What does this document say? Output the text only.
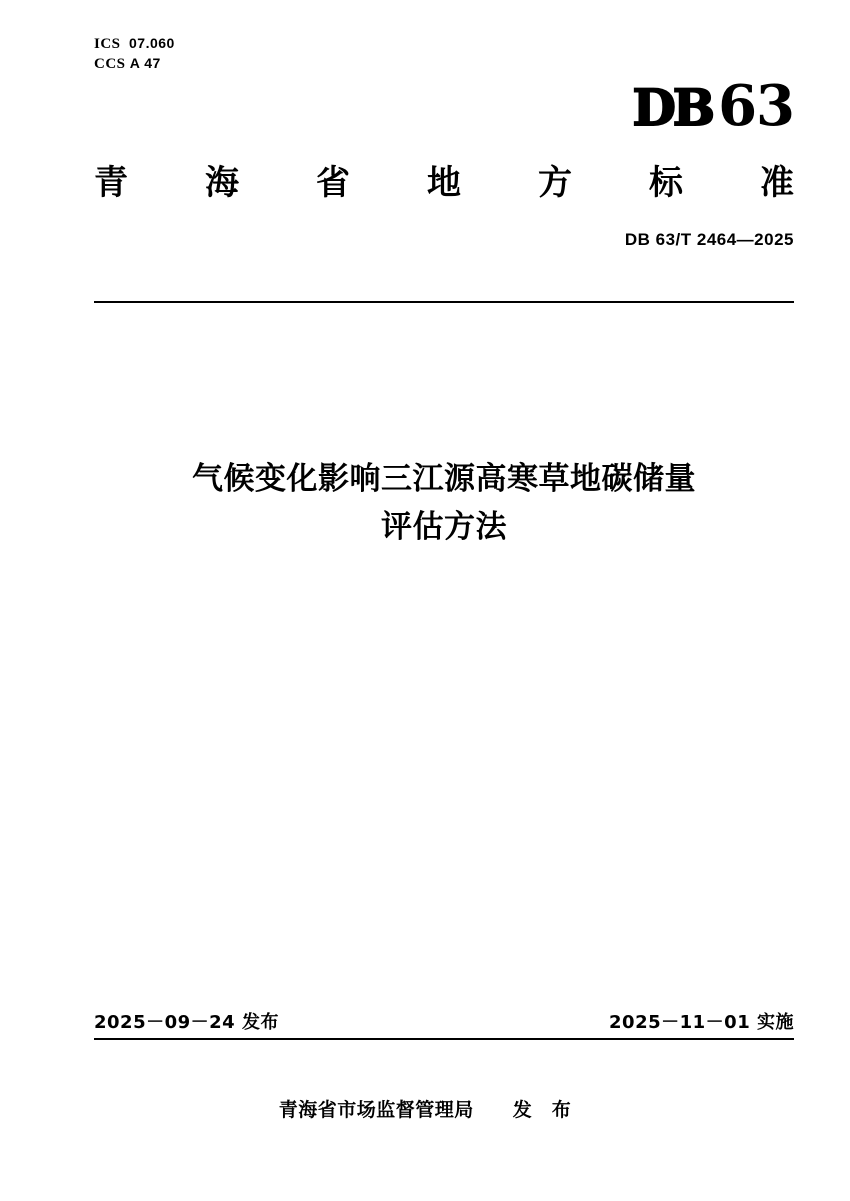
ICS 07.060
CCS A 47
DB 63
青 海 省 地 方 标 准
DB 63/T 2464—2025
气候变化影响三江源高寒草地碳储量
评估方法
2025－09－24 发布	2025－11－01 实施
青海省市场监督管理局　　发　布
